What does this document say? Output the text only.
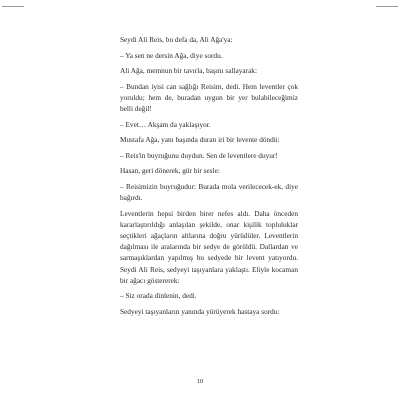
Seydi Ali Reis, bu defa da, Ali Ağa'ya:

– Ya sen ne dersin Ağa, diye sordu.

Ali Ağa, memnun bir tavırla, başını sallayarak:

– Bundan iyisi can sağlığı Reisim, dedi. Hem leventler çok yoruldu; hem de, buradan uygun bir yer bulabileceğimiz belli değil!

– Evet… Akşam da yaklaşıyor.

Mustafa Ağa, yanı başında duran iri bir levente döndü:

– Reis'in buyruğunu duydun. Sen de leventlere duyur!

Hasan, geri dönerek, gür bir sesle:

– Reisimizin buyruğudur: Burada mola verilececek-ek, diye bağırdı.

Leventlerin hepsi birden birer nefes aldı. Daha önceden kararlaştırıldığı anlaşılan şekilde, onar kişilik topluluklar seçtikleri ağaçların altlarına doğru yürüdüler. Leventlerin dağılması ile aralarında bir sedye de görüldü. Dallardan ve sarmaşıklardan yapılmış bu sedyede bir levent yatıyordu. Seydi Ali Reis, sedyeyi taşıyanlara yaklaştı. Eliyle kocaman bir ağacı göstererek:

– Siz orada dinlenin, dedi.

Sedyeyi taşıyanların yanında yürüyerek hastaya sordu:

10
